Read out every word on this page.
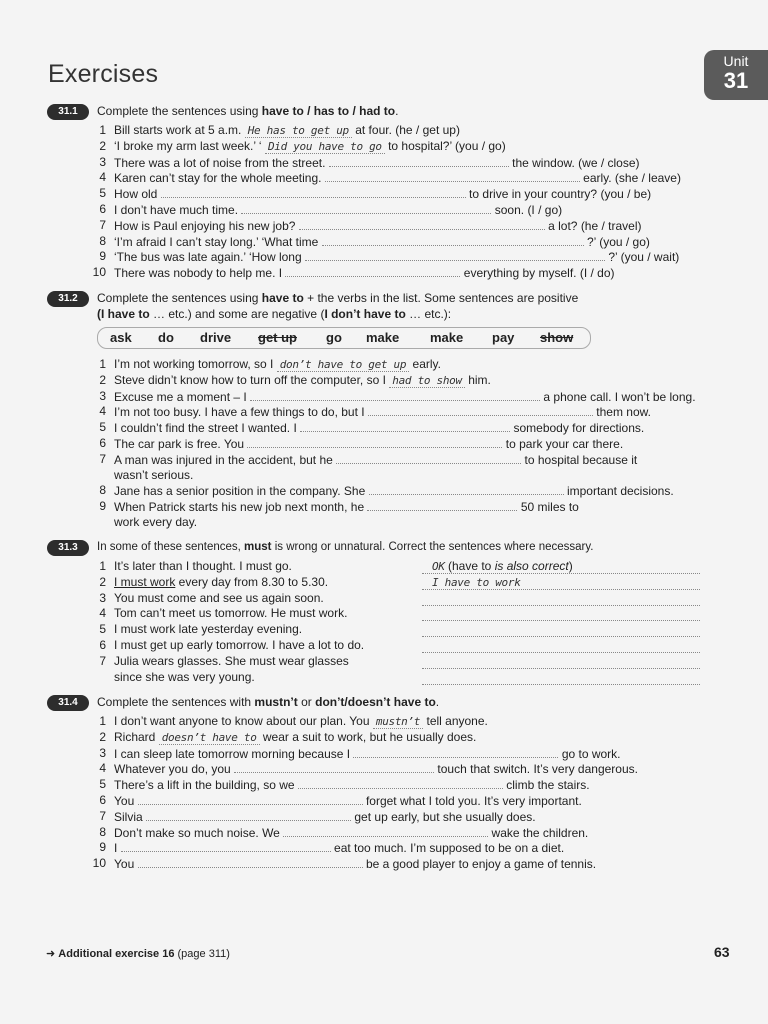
Exercises	Unit
31
31.1	Complete the sentences using have to / has to / had to.
1 Bill starts work at 5 a.m. He has to get up at four. (he / get up)
2 ‘I broke my arm last week.’ ‘ Did you have to go to hospital?’ (you / go)
3 There was a lot of noise from the street.	the window. (we / close)
4 Karen can’t stay for the whole meeting.	early. (she / leave)
5 How old	to drive in your country? (you / be)
6 I don’t have much time.	soon. (I / go)
7 How is Paul enjoying his new job?	a lot? (he / travel)
8 ‘I’m afraid I can’t stay long.’ ‘What time	?’ (you / go)
9 ‘The bus was late again.’ ‘How long	?’ (you / wait)
10 There was nobody to help me. I	everything by myself. (I / do)
31.2	Complete the sentences using have to + the verbs in the list. Some sentences are positive
(I have to … etc.) and some are negative (I don’t have to … etc.):
ask do drive get up go make make pay show
1 I’m not working tomorrow, so I don’t have to get up early.
2 Steve didn’t know how to turn off the computer, so I had to show him.
3 Excuse me a moment – I	a phone call. I won’t be long.
4 I’m not too busy. I have a few things to do, but I	them now.
5 I couldn’t find the street I wanted. I	somebody for directions.
6 The car park is free. You	to park your car there.
7 A man was injured in the accident, but he	to hospital because it
wasn’t serious.
8 Jane has a senior position in the company. She	important decisions.
9 When Patrick starts his new job next month, he	50 miles to
work every day.
31.3	In some of these sentences, must is wrong or unnatural. Correct the sentences where necessary.
1 It’s later than I thought. I must go.	OK (have to is also correct)
2 I must work every day from 8.30 to 5.30.	I have to work
3 You must come and see us again soon.
4 Tom can’t meet us tomorrow. He must work.
5 I must work late yesterday evening.
6 I must get up early tomorrow. I have a lot to do.
7 Julia wears glasses. She must wear glasses
since she was very young.
31.4	Complete the sentences with mustn’t or don’t/doesn’t have to.
1 I don’t want anyone to know about our plan. You mustn’t tell anyone.
2 Richard doesn’t have to wear a suit to work, but he usually does.
3 I can sleep late tomorrow morning because I	go to work.
4 Whatever you do, you	touch that switch. It’s very dangerous.
5 There’s a lift in the building, so we	climb the stairs.
6 You	forget what I told you. It’s very important.
7 Silvia	get up early, but she usually does.
8 Don’t make so much noise. We	wake the children.
9 I	eat too much. I’m supposed to be on a diet.
10 You	be a good player to enjoy a game of tennis.
➜ Additional exercise 16 (page 311)	63
